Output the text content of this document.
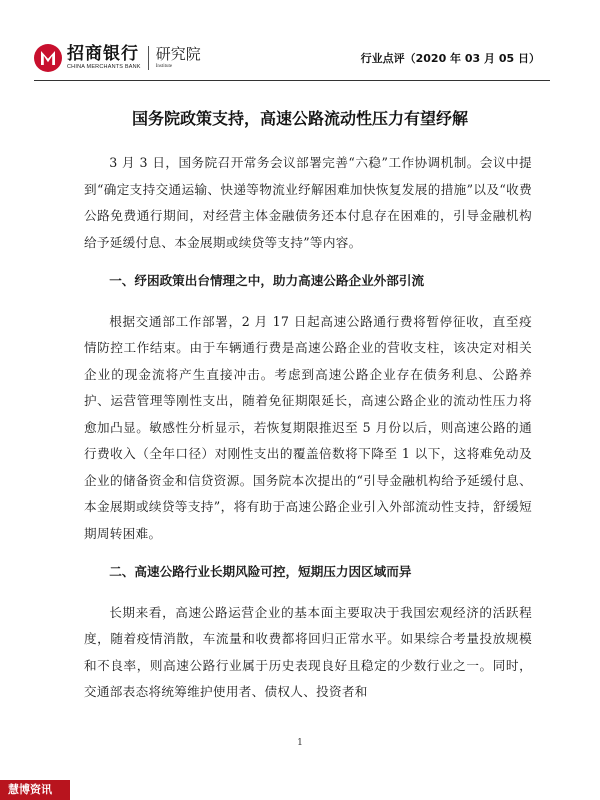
招商银行
CHINA MERCHANTS BANK
研究院
Institute
行业点评（2020 年 03 月 05 日）
国务院政策支持，高速公路流动性压力有望纾解

3 月 3 日，国务院召开常务会议部署完善“六稳”工作协调机制。会议中提到“确定支持交通运输、快递等物流业纾解困难加快恢复发展的措施”以及“收费公路免费通行期间，对经营主体金融债务还本付息存在困难的，引导金融机构给予延缓付息、本金展期或续贷等支持”等内容。

一、纾困政策出台情理之中，助力高速公路企业外部引流

根据交通部工作部署，2 月 17 日起高速公路通行费将暂停征收，直至疫情防控工作结束。由于车辆通行费是高速公路企业的营收支柱，该决定对相关企业的现金流将产生直接冲击。考虑到高速公路企业存在债务利息、公路养护、运营管理等刚性支出，随着免征期限延长，高速公路企业的流动性压力将愈加凸显。敏感性分析显示，若恢复期限推迟至 5 月份以后，则高速公路的通行费收入（全年口径）对刚性支出的覆盖倍数将下降至 1 以下，这将难免动及企业的储备资金和信贷资源。国务院本次提出的“引导金融机构给予延缓付息、本金展期或续贷等支持”，将有助于高速公路企业引入外部流动性支持，舒缓短期周转困难。

二、高速公路行业长期风险可控，短期压力因区域而异

长期来看，高速公路运营企业的基本面主要取决于我国宏观经济的活跃程度，随着疫情消散，车流量和收费都将回归正常水平。如果综合考量投放规模和不良率，则高速公路行业属于历史表现良好且稳定的少数行业之一。同时，交通部表态将统筹维护使用者、债权人、投资者和

1
慧博资讯
